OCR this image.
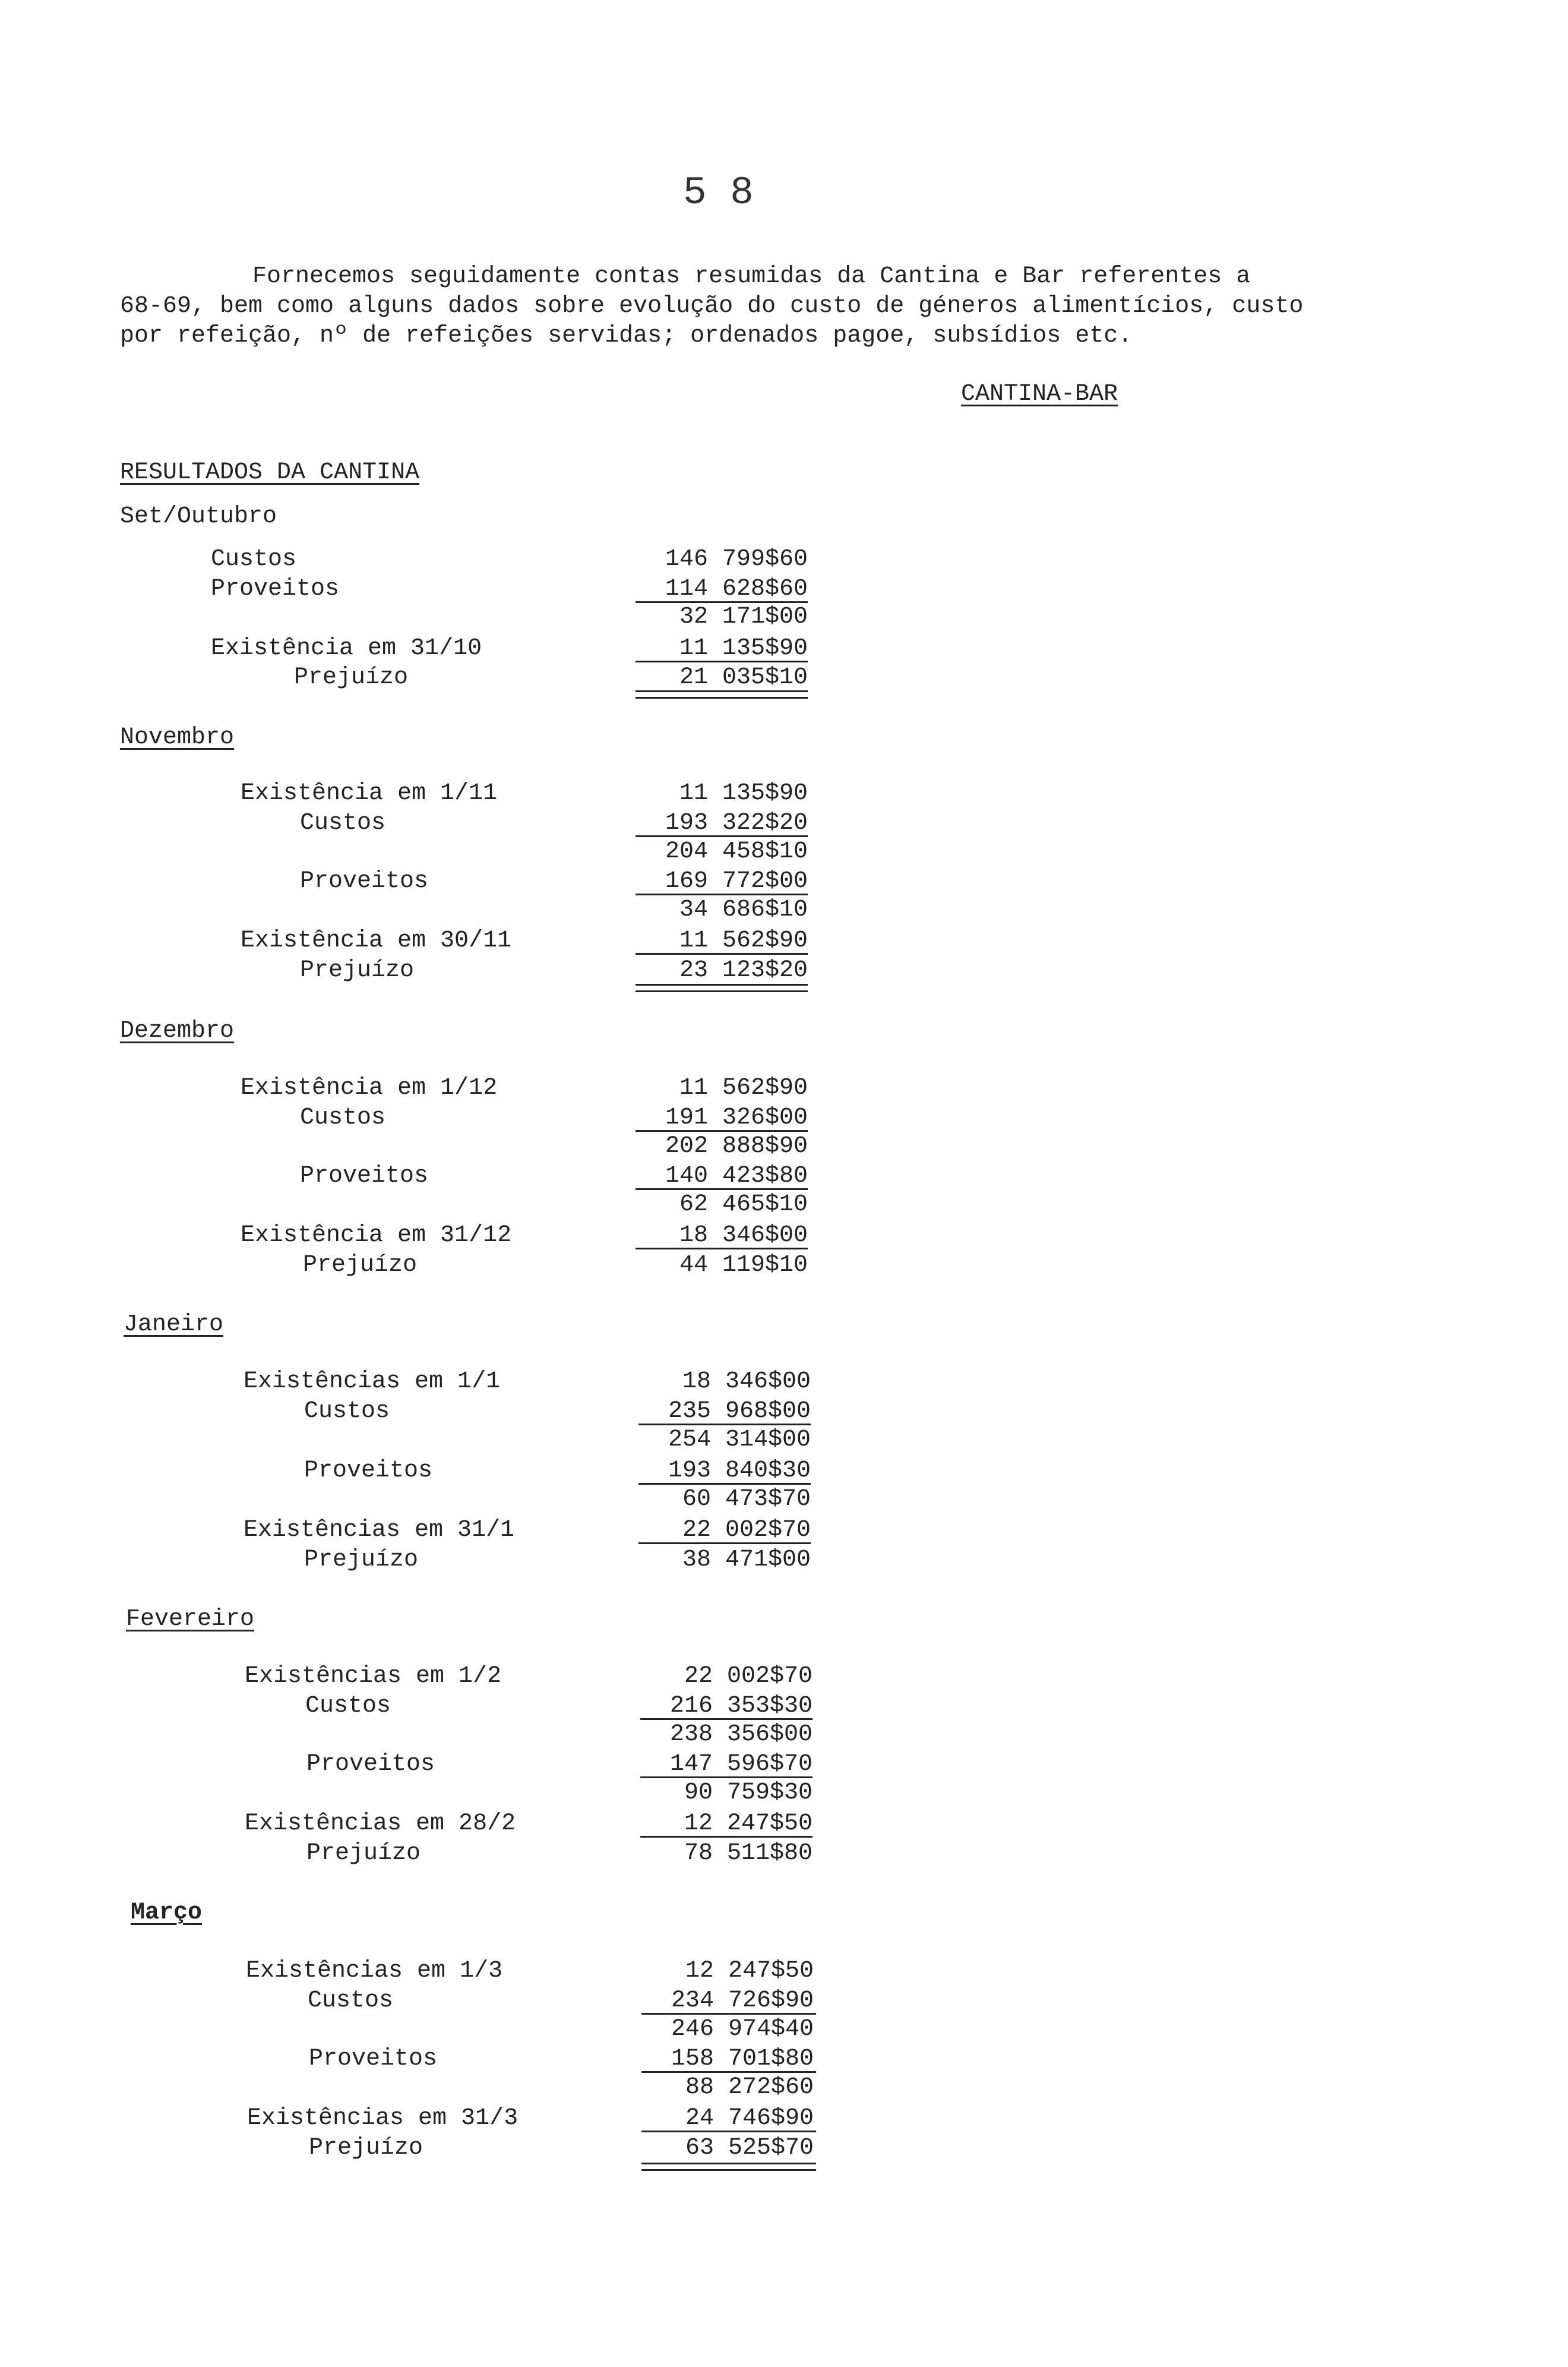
5 8
Fornecemos seguidamente contas resumidas da Cantina e Bar referentes a
68-69, bem como alguns dados sobre evolução do custo de géneros alimentícios, custo
por refeição, nº de refeições servidas; ordenados pagoe, subsídios etc.
CANTINA-BAR
RESULTADOS DA CANTINA
Set/Outubro
Custos	146 799$60
Proveitos	114 628$60
32 171$00
Existência em 31/10	11 135$90
Prejuízo	21 035$10
Novembro
Existência em 1/11	11 135$90
Custos	193 322$20
204 458$10
Proveitos	169 772$00
34 686$10
Existência em 30/11	11 562$90
Prejuízo	23 123$20
Dezembro
Existência em 1/12	11 562$90
Custos	191 326$00
202 888$90
Proveitos	140 423$80
62 465$10
Existência em 31/12	18 346$00
Prejuízo	44 119$10
Janeiro
Existências em 1/1	18 346$00
Custos	235 968$00
254 314$00
Proveitos	193 840$30
60 473$70
Existências em 31/1	22 002$70
Prejuízo	38 471$00
Fevereiro
Existências em 1/2	22 002$70
Custos	216 353$30
238 356$00
Proveitos	147 596$70
90 759$30
Existências em 28/2	12 247$50
Prejuízo	78 511$80
Março
Existências em 1/3	12 247$50
Custos	234 726$90
246 974$40
Proveitos	158 701$80
88 272$60
Existências em 31/3	24 746$90
Prejuízo	63 525$70
